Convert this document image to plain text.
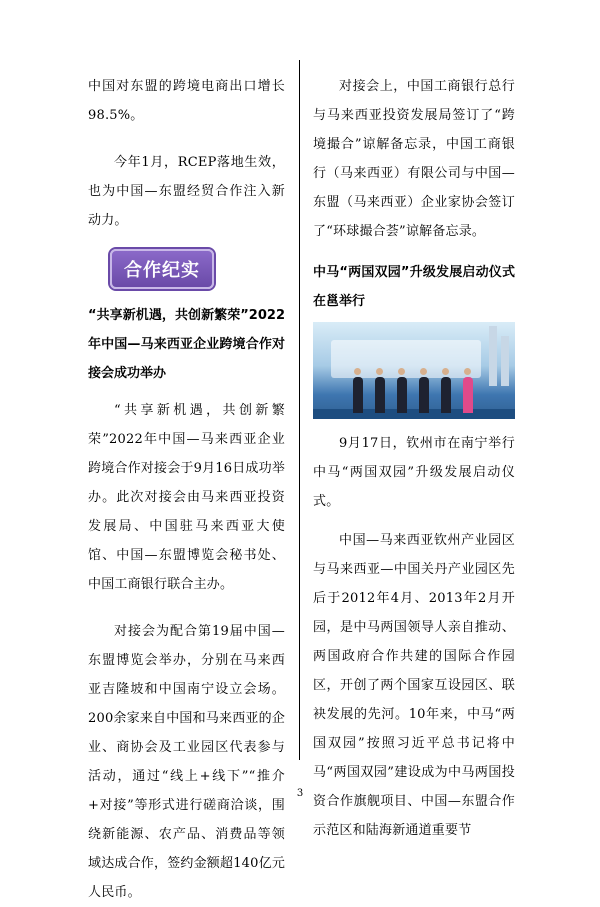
中国对东盟的跨境电商出口增长98.5%。

今年1月，RCEP落地生效，也为中国—东盟经贸合作注入新动力。

合作纪实
“共享新机遇，共创新繁荣”2022年中国—马来西亚企业跨境合作对接会成功举办

“共享新机遇，共创新繁荣”2022年中国—马来西亚企业跨境合作对接会于9月16日成功举办。此次对接会由马来西亚投资发展局、中国驻马来西亚大使馆、中国—东盟博览会秘书处、中国工商银行联合主办。

对接会为配合第19届中国—东盟博览会举办，分别在马来西亚吉隆坡和中国南宁设立会场。200余家来自中国和马来西亚的企业、商协会及工业园区代表参与活动，通过“线上+线下”“推介+对接”等形式进行磋商洽谈，围绕新能源、农产品、消费品等领域达成合作，签约金额超140亿元人民币。

对接会上，中国工商银行总行与马来西亚投资发展局签订了“跨境撮合”谅解备忘录，中国工商银行（马来西亚）有限公司与中国—东盟（马来西亚）企业家协会签订了“环球撮合荟”谅解备忘录。

中马“两国双园”升级发展启动仪式在邕举行

9月17日，钦州市在南宁举行中马“两国双园”升级发展启动仪式。

中国—马来西亚钦州产业园区与马来西亚—中国关丹产业园区先后于2012年4月、2013年2月开园，是中马两国领导人亲自推动、两国政府合作共建的国际合作园区，开创了两个国家互设园区、联袂发展的先河。10年来，中马“两国双园”按照习近平总书记将中马“两国双园”建设成为中马两国投资合作旗舰项目、中国—东盟合作示范区和陆海新通道重要节

3
